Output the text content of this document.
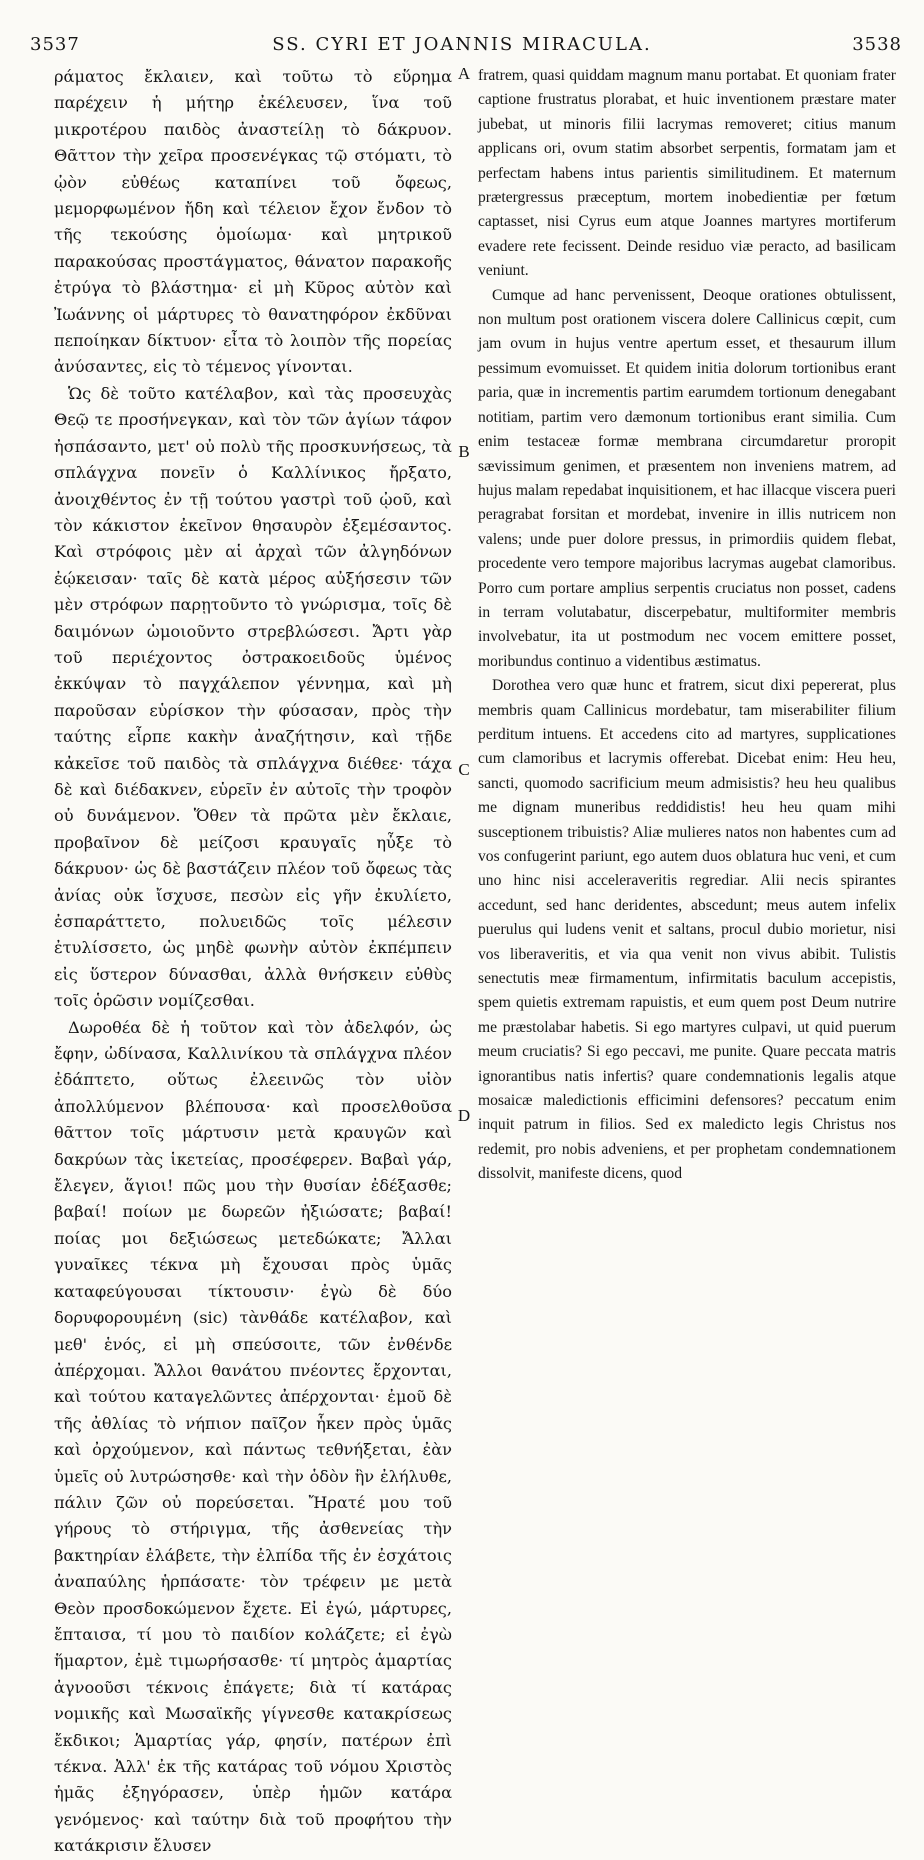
3537	SS. CYRI ET JOANNIS MIRACULA.	3538

ράματος ἔκλαιεν, καὶ τοῦτω τὸ εὕρημα παρέχειν ἡ μήτηρ ἐκέλευσεν, ἵνα τοῦ μικροτέρου παιδὸς ἀναστείλῃ τὸ δάκρυον. Θᾶττον τὴν χεῖρα προσενέγκας τῷ στόματι, τὸ ᾠὸν εὐθέως καταπίνει τοῦ ὄφεως, μεμορφωμένον ἤδη καὶ τέλειον ἔχον ἔνδον τὸ τῆς τεκούσης ὁμοίωμα· καὶ μητρικοῦ παρακούσας προστάγματος, θάνατον παρακοῆς ἐτρύγα τὸ βλάστημα· εἰ μὴ Κῦρος αὐτὸν καὶ Ἰωάννης οἱ μάρτυρες τὸ θανατηφόρον ἐκδῦναι πεποίηκαν δίκτυον· εἶτα τὸ λοιπὸν τῆς πορείας ἀνύσαντες, εἰς τὸ τέμενος γίνονται.

Ὡς δὲ τοῦτο κατέλαβον, καὶ τὰς προσευχὰς Θεῷ τε προσήνεγκαν, καὶ τὸν τῶν ἁγίων τάφον ἠσπάσαντο, μετ' οὐ πολὺ τῆς προσκυνήσεως, τὰ σπλάγχνα πονεῖν ὁ Καλλίνικος ἤρξατο, ἀνοιχθέντος ἐν τῇ τούτου γαστρὶ τοῦ ᾠοῦ, καὶ τὸν κάκιστον ἐκεῖνον θησαυρὸν ἐξεμέσαντος. Καὶ στρόφοις μὲν αἱ ἀρχαὶ τῶν ἀλγηδόνων ἐῴκεισαν· ταῖς δὲ κατὰ μέρος αὐξήσεσιν τῶν μὲν στρόφων παρῃτοῦντο τὸ γνώρισμα, τοῖς δὲ δαιμόνων ὡμοιοῦντο στρεβλώσεσι. Ἄρτι γὰρ τοῦ περιέχοντος ὀστρακοειδοῦς ὑμένος ἐκκύψαν τὸ παγχάλεπον γέννημα, καὶ μὴ παροῦσαν εὑρίσκον τὴν φύσασαν, πρὸς τὴν ταύτης εἷρπε κακὴν ἀναζήτησιν, καὶ τῇδε κἀκεῖσε τοῦ παιδὸς τὰ σπλάγχνα διέθεε· τάχα δὲ καὶ διέδακνεν, εὑρεῖν ἐν αὐτοῖς τὴν τροφὸν οὐ δυνάμενον. Ὅθεν τὰ πρῶτα μὲν ἔκλαιε, προβαῖνον δὲ μείζοσι κραυγαῖς ηὖξε τὸ δάκρυον· ὡς δὲ βαστάζειν πλέον τοῦ ὄφεως τὰς ἀνίας οὐκ ἴσχυσε, πεσὼν εἰς γῆν ἐκυλίετο, ἐσπαράττετο, πολυειδῶς τοῖς μέλεσιν ἐτυλίσσετο, ὡς μηδὲ φωνὴν αὐτὸν ἐκπέμπειν εἰς ὕστερον δύνασθαι, ἀλλὰ θνήσκειν εὐθὺς τοῖς ὁρῶσιν νομίζεσθαι.

Δωροθέα δὲ ἡ τοῦτον καὶ τὸν ἀδελφόν, ὡς ἔφην, ὠδίνασα, Καλλινίκου τὰ σπλάγχνα πλέον ἐδάπτετο, οὕτως ἐλεεινῶς τὸν υἱὸν ἀπολλύμενον βλέπουσα· καὶ προσελθοῦσα θᾶττον τοῖς μάρτυσιν μετὰ κραυγῶν καὶ δακρύων τὰς ἱκετείας, προσέφερεν. Βαβαὶ γάρ, ἔλεγεν, ἅγιοι! πῶς μου τὴν θυσίαν ἐδέξασθε; βαβαί! ποίων με δωρεῶν ἠξιώσατε; βαβαί! ποίας μοι δεξιώσεως μετεδώκατε; Ἄλλαι γυναῖκες τέκνα μὴ ἔχουσαι πρὸς ὑμᾶς καταφεύγουσαι τίκτουσιν· ἐγὼ δὲ δύο δορυφορουμένη (sic) τὰνθάδε κατέλαβον, καὶ μεθ' ἑνός, εἰ μὴ σπεύσοιτε, τῶν ἐνθένδε ἀπέρχομαι. Ἄλλοι θανάτου πνέοντες ἔρχονται, καὶ τούτου καταγελῶντες ἀπέρχονται· ἐμοῦ δὲ τῆς ἀθλίας τὸ νήπιον παῖζον ἧκεν πρὸς ὑμᾶς καὶ ὀρχούμενον, καὶ πάντως τεθνήξεται, ἐὰν ὑμεῖς οὐ λυτρώσησθε· καὶ τὴν ὁδὸν ἣν ἐλήλυθε, πάλιν ζῶν οὐ πορεύσεται. Ἤρατέ μου τοῦ γήρους τὸ στήριγμα, τῆς ἀσθενείας τὴν βακτηρίαν ἐλάβετε, τὴν ἐλπίδα τῆς ἐν ἐσχάτοις ἀναπαύλης ἡρπάσατε· τὸν τρέφειν με μετὰ Θεὸν προσδοκώμενον ἔχετε. Εἰ ἐγώ, μάρτυρες, ἔπταισα, τί μου τὸ παιδίον κολάζετε; εἰ ἐγὼ ἥμαρτον, ἐμὲ τιμωρήσασθε· τί μητρὸς ἁμαρτίας ἀγνοοῦσι τέκνοις ἐπάγετε; διὰ τί κατάρας νομικῆς καὶ Μωσαϊκῆς γίγνεσθε κατακρίσεως ἔκδικοι; Ἁμαρτίας γάρ, φησίν, πατέρων ἐπὶ τέκνα. Ἀλλ' ἐκ τῆς κατάρας τοῦ νόμου Χριστὸς ἡμᾶς ἐξηγόρασεν, ὑπὲρ ἡμῶν κατάρα γενόμενος· καὶ ταύτην διὰ τοῦ προφήτου τὴν κατάκρισιν ἔλυσεν

A
B
C
D

fratrem, quasi quiddam magnum manu portabat. Et quoniam frater captione frustratus plorabat, et huic inventionem præstare mater jubebat, ut minoris filii lacrymas removeret; citius manum applicans ori, ovum statim absorbet serpentis, formatam jam et perfectam habens intus parientis similitudinem. Et maternum prætergressus præceptum, mortem inobedientiæ per fœtum captasset, nisi Cyrus eum atque Joannes martyres mortiferum evadere rete fecissent. Deinde residuo viæ peracto, ad basilicam veniunt.

Cumque ad hanc pervenissent, Deoque orationes obtulissent, non multum post orationem viscera dolere Callinicus cœpit, cum jam ovum in hujus ventre apertum esset, et thesaurum illum pessimum evomuisset. Et quidem initia dolorum tortionibus erant paria, quæ in incrementis partim earumdem tortionum denegabant notitiam, partim vero dæmonum tortionibus erant similia. Cum enim testaceæ formæ membrana circumdaretur proropit sævissimum genimen, et præsentem non inveniens matrem, ad hujus malam repedabat inquisitionem, et hac illacque viscera pueri peragrabat forsitan et mordebat, invenire in illis nutricem non valens; unde puer dolore pressus, in primordiis quidem flebat, procedente vero tempore majoribus lacrymas augebat clamoribus. Porro cum portare amplius serpentis cruciatus non posset, cadens in terram volutabatur, discerpebatur, multiformiter membris involvebatur, ita ut postmodum nec vocem emittere posset, moribundus continuo a videntibus æstimatus.

Dorothea vero quæ hunc et fratrem, sicut dixi pepererat, plus membris quam Callinicus mordebatur, tam miserabiliter filium perditum intuens. Et accedens cito ad martyres, supplicationes cum clamoribus et lacrymis offerebat. Dicebat enim: Heu heu, sancti, quomodo sacrificium meum admisistis? heu heu qualibus me dignam muneribus reddidistis! heu heu quam mihi susceptionem tribuistis? Aliæ mulieres natos non habentes cum ad vos confugerint pariunt, ego autem duos oblatura huc veni, et cum uno hinc nisi acceleraveritis regrediar. Alii necis spirantes accedunt, sed hanc deridentes, abscedunt; meus autem infelix puerulus qui ludens venit et saltans, procul dubio morietur, nisi vos liberaveritis, et via qua venit non vivus abibit. Tulistis senectutis meæ firmamentum, infirmitatis baculum accepistis, spem quietis extremam rapuistis, et eum quem post Deum nutrire me præstolabar habetis. Si ego martyres culpavi, ut quid puerum meum cruciatis? Si ego peccavi, me punite. Quare peccata matris ignorantibus natis infertis? quare condemnationis legalis atque mosaicæ maledictionis efficimini defensores? peccatum enim inquit patrum in filios. Sed ex maledicto legis Christus nos redemit, pro nobis adveniens, et per prophetam condemnationem dissolvit, manifeste dicens, quod
